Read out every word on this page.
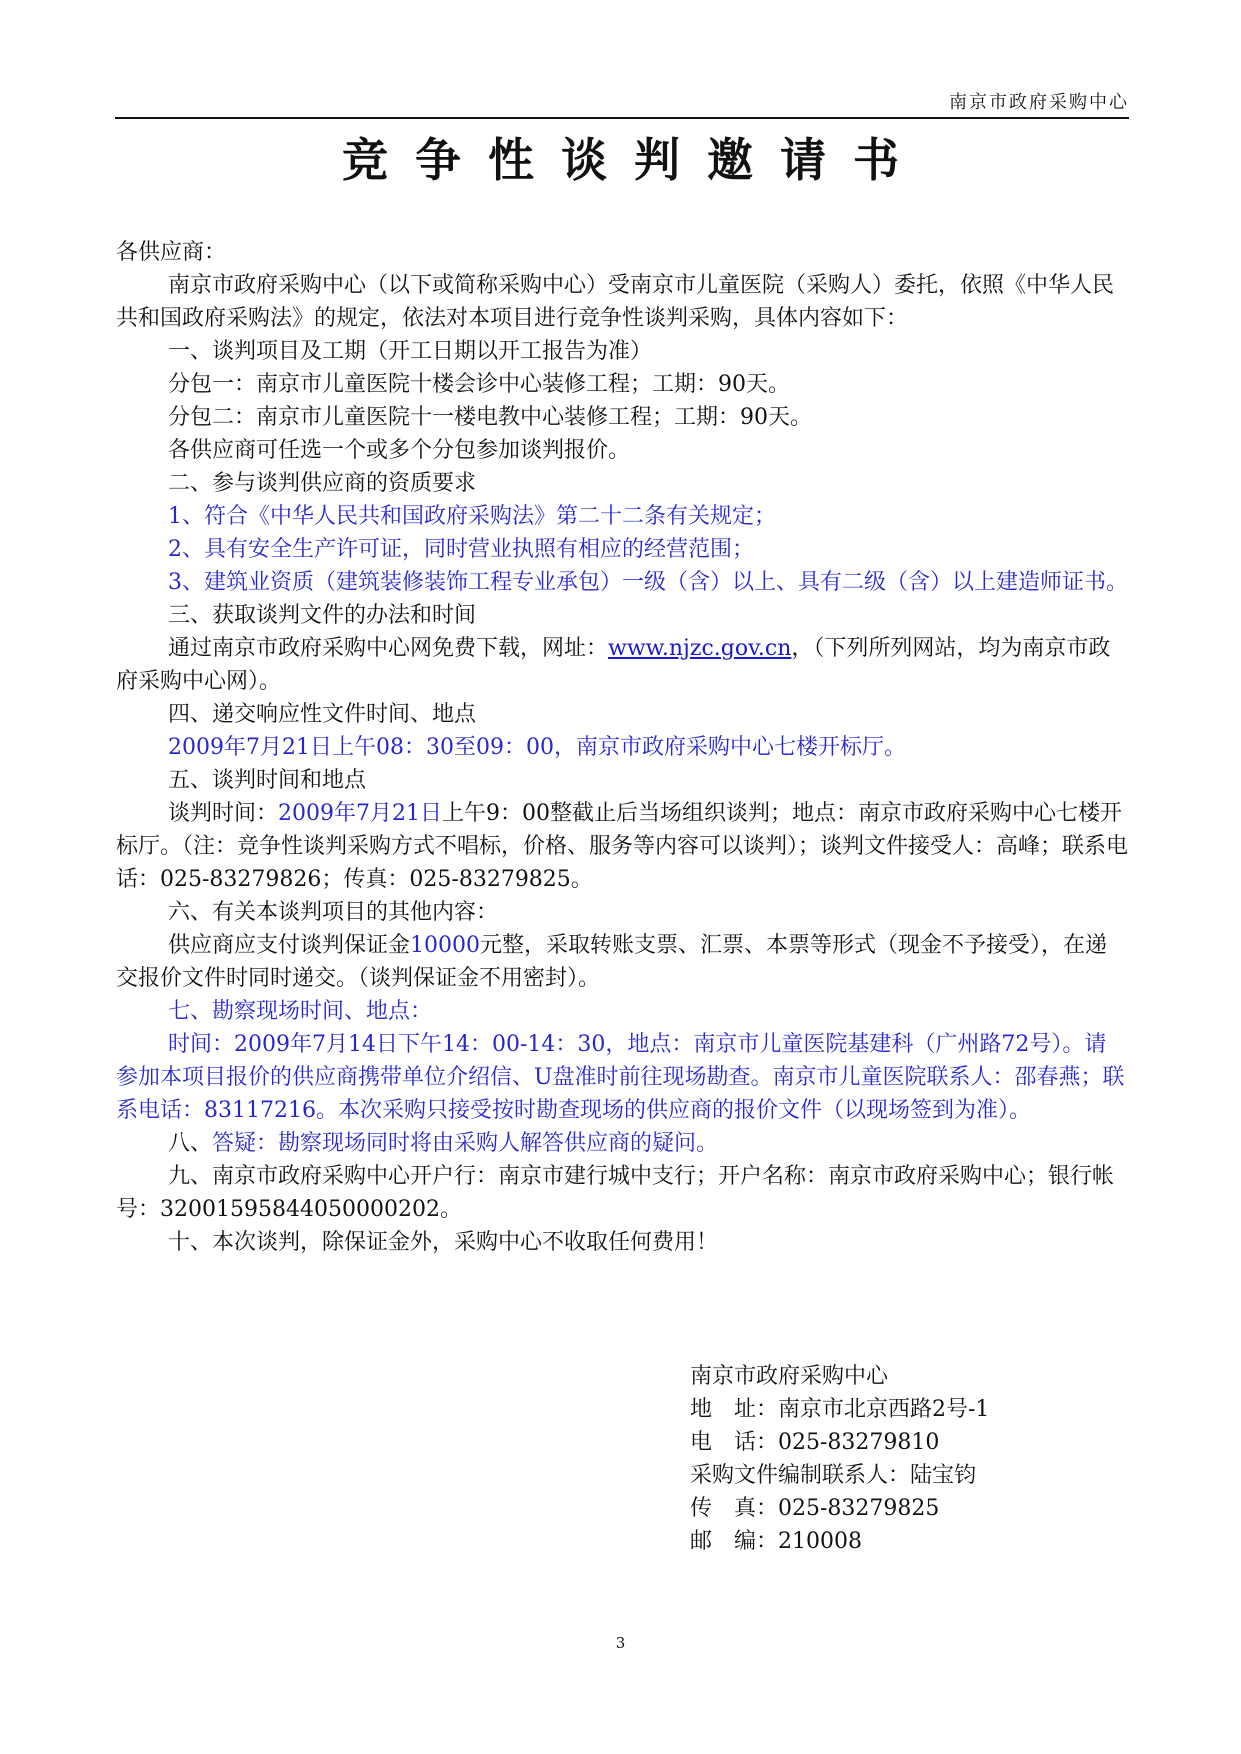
南京市政府采购中心
竞争性谈判邀请书

各供应商：

南京市政府采购中心（以下或简称采购中心）受南京市儿童医院（采购人）委托，依照《中华人民共和国政府采购法》的规定，依法对本项目进行竞争性谈判采购，具体内容如下：

一、谈判项目及工期（开工日期以开工报告为准）

分包一：南京市儿童医院十楼会诊中心装修工程；工期：90天。

分包二：南京市儿童医院十一楼电教中心装修工程；工期：90天。

各供应商可任选一个或多个分包参加谈判报价。

二、参与谈判供应商的资质要求

1、符合《中华人民共和国政府采购法》第二十二条有关规定；

2、具有安全生产许可证，同时营业执照有相应的经营范围；

3、建筑业资质（建筑装修装饰工程专业承包）一级（含）以上、具有二级（含）以上建造师证书。

三、获取谈判文件的办法和时间

通过南京市政府采购中心网免费下载，网址：www.njzc.gov.cn，（下列所列网站，均为南京市政府采购中心网）。

四、递交响应性文件时间、地点

2009年7月21日上午08：30至09：00，南京市政府采购中心七楼开标厅。

五、谈判时间和地点

谈判时间：2009年7月21日上午9：00整截止后当场组织谈判；地点：南京市政府采购中心七楼开标厅。（注：竞争性谈判采购方式不唱标，价格、服务等内容可以谈判）；谈判文件接受人：高峰；联系电话：025-83279826；传真：025-83279825。

六、有关本谈判项目的其他内容：

供应商应支付谈判保证金10000元整，采取转账支票、汇票、本票等形式（现金不予接受），在递交报价文件时同时递交。（谈判保证金不用密封）。

七、勘察现场时间、地点：

时间：2009年7月14日下午14：00-14：30，地点：南京市儿童医院基建科（广州路72号）。请参加本项目报价的供应商携带单位介绍信、U盘准时前往现场勘查。南京市儿童医院联系人：邵春燕；联系电话：83117216。本次采购只接受按时勘查现场的供应商的报价文件（以现场签到为准）。

八、答疑：勘察现场同时将由采购人解答供应商的疑问。

九、南京市政府采购中心开户行：南京市建行城中支行；开户名称：南京市政府采购中心；银行帐号：32001595844050000202。

十、本次谈判，除保证金外，采购中心不收取任何费用！

南京市政府采购中心

地　址：南京市北京西路2号-1

电　话：025-83279810

采购文件编制联系人：陆宝钧

传　真：025-83279825

邮　编：210008

3
